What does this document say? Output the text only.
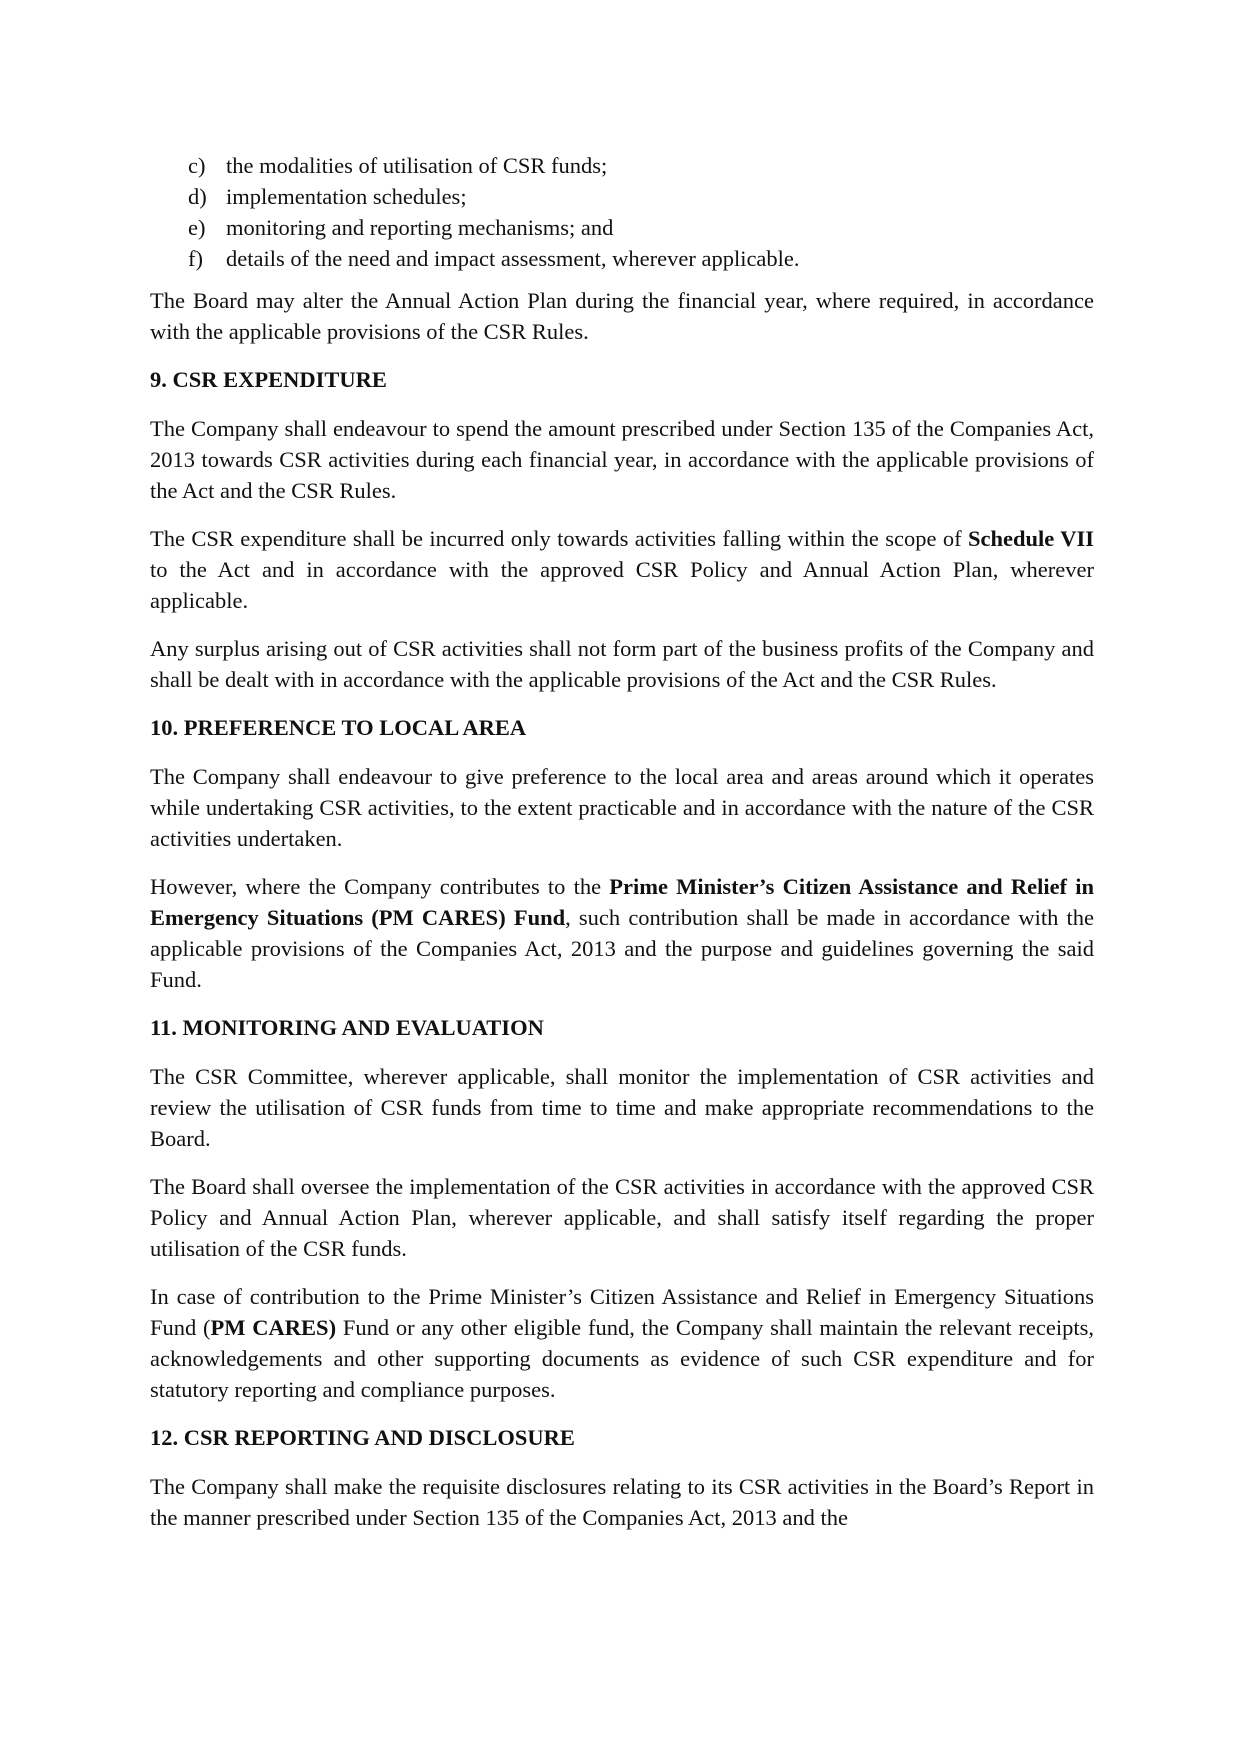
c) the modalities of utilisation of CSR funds;
d) implementation schedules;
e) monitoring and reporting mechanisms; and
f) details of the need and impact assessment, wherever applicable.

The Board may alter the Annual Action Plan during the financial year, where required, in accordance with the applicable provisions of the CSR Rules.

9. CSR EXPENDITURE

The Company shall endeavour to spend the amount prescribed under Section 135 of the Companies Act, 2013 towards CSR activities during each financial year, in accordance with the applicable provisions of the Act and the CSR Rules.

The CSR expenditure shall be incurred only towards activities falling within the scope of Schedule VII to the Act and in accordance with the approved CSR Policy and Annual Action Plan, wherever applicable.

Any surplus arising out of CSR activities shall not form part of the business profits of the Company and shall be dealt with in accordance with the applicable provisions of the Act and the CSR Rules.

10. PREFERENCE TO LOCAL AREA

The Company shall endeavour to give preference to the local area and areas around which it operates while undertaking CSR activities, to the extent practicable and in accordance with the nature of the CSR activities undertaken.

However, where the Company contributes to the Prime Minister’s Citizen Assistance and Relief in Emergency Situations (PM CARES) Fund, such contribution shall be made in accordance with the applicable provisions of the Companies Act, 2013 and the purpose and guidelines governing the said Fund.

11. MONITORING AND EVALUATION

The CSR Committee, wherever applicable, shall monitor the implementation of CSR activities and review the utilisation of CSR funds from time to time and make appropriate recommendations to the Board.

The Board shall oversee the implementation of the CSR activities in accordance with the approved CSR Policy and Annual Action Plan, wherever applicable, and shall satisfy itself regarding the proper utilisation of the CSR funds.

In case of contribution to the Prime Minister’s Citizen Assistance and Relief in Emergency Situations Fund (PM CARES) Fund or any other eligible fund, the Company shall maintain the relevant receipts, acknowledgements and other supporting documents as evidence of such CSR expenditure and for statutory reporting and compliance purposes.

12. CSR REPORTING AND DISCLOSURE

The Company shall make the requisite disclosures relating to its CSR activities in the Board’s Report in the manner prescribed under Section 135 of the Companies Act, 2013 and the
